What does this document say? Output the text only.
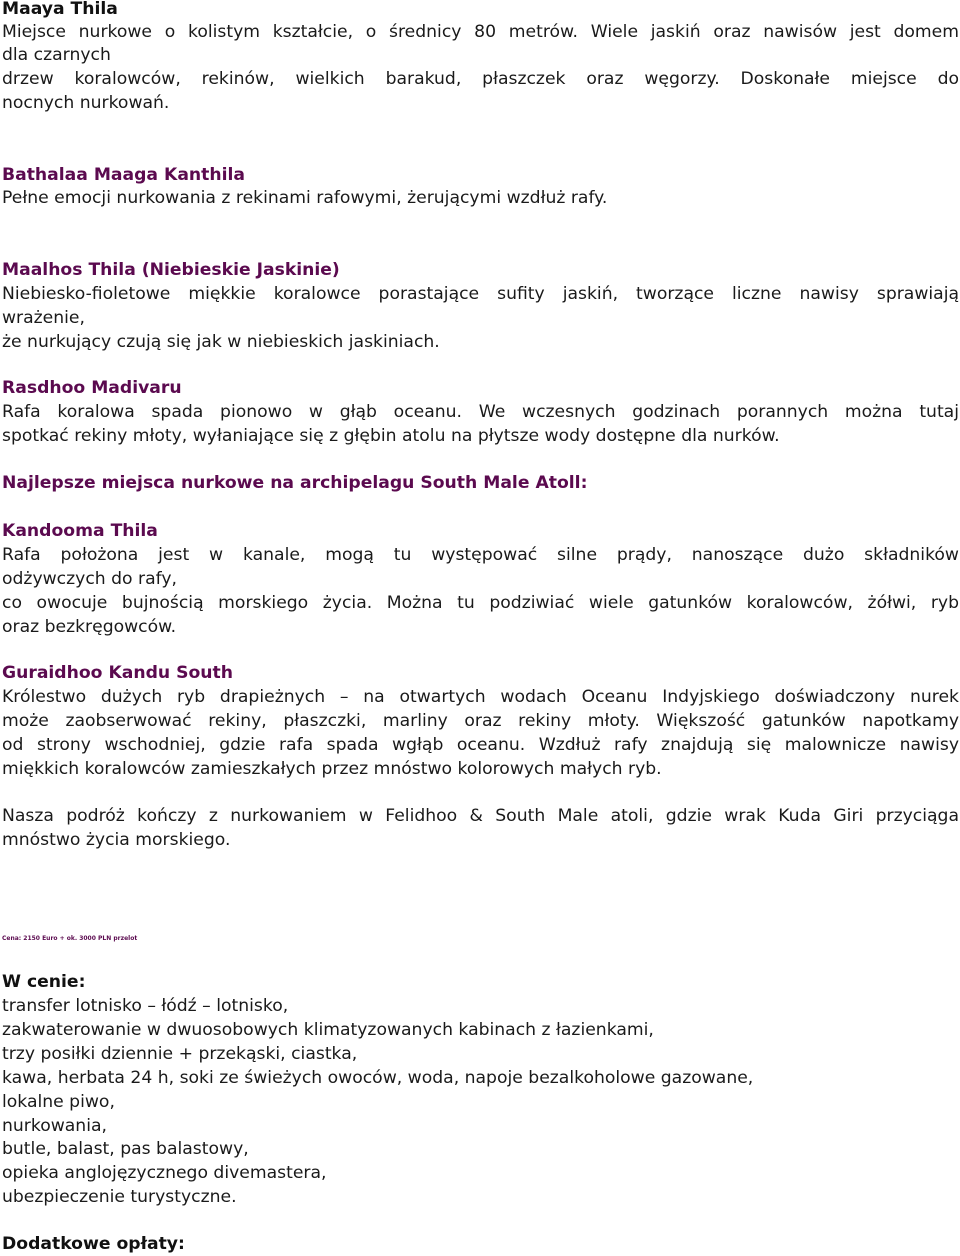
Maaya Thila
Miejsce nurkowe o kolistym kształcie, o średnicy 80 metrów. Wiele jaskiń oraz nawisów jest domem
dla czarnych
drzew koralowców, rekinów, wielkich barakud, płaszczek oraz węgorzy. Doskonałe miejsce do
nocnych nurkowań.
Bathalaa Maaga Kanthila
Pełne emocji nurkowania z rekinami rafowymi, żerującymi wzdłuż rafy.
Maalhos Thila (Niebieskie Jaskinie)
Niebiesko-fioletowe miękkie koralowce porastające sufity jaskiń, tworzące liczne nawisy sprawiają
wrażenie,
że nurkujący czują się jak w niebieskich jaskiniach.
Rasdhoo Madivaru
Rafa koralowa spada pionowo w głąb oceanu. We wczesnych godzinach porannych można tutaj
spotkać rekiny młoty, wyłaniające się z głębin atolu na płytsze wody dostępne dla nurków.
Najlepsze miejsca nurkowe na archipelagu South Male Atoll:
Kandooma Thila
Rafa położona jest w kanale, mogą tu występować silne prądy, nanoszące dużo składników
odżywczych do rafy,
co owocuje bujnością morskiego życia. Można tu podziwiać wiele gatunków koralowców, żółwi, ryb
oraz bezkręgowców.
Guraidhoo Kandu South
Królestwo dużych ryb drapieżnych – na otwartych wodach Oceanu Indyjskiego doświadczony nurek
może zaobserwować rekiny, płaszczki, marliny oraz rekiny młoty. Większość gatunków napotkamy
od strony wschodniej, gdzie rafa spada wgłąb oceanu. Wzdłuż rafy znajdują się malownicze nawisy
miękkich koralowców zamieszkałych przez mnóstwo kolorowych małych ryb.
Nasza podróż kończy z nurkowaniem w Felidhoo & South Male atoli, gdzie wrak Kuda Giri przyciąga
mnóstwo życia morskiego.
Cena: 2150 Euro + ok. 3000 PLN przelot
W cenie:
transfer lotnisko – łódź – lotnisko,
zakwaterowanie w dwuosobowych klimatyzowanych kabinach z łazienkami,
trzy posiłki dziennie + przekąski, ciastka,
kawa, herbata 24 h, soki ze świeżych owoców, woda, napoje bezalkoholowe gazowane,
lokalne piwo,
nurkowania,
butle, balast, pas balastowy,
opieka anglojęzycznego divemastera,
ubezpieczenie turystyczne.
Dodatkowe opłaty:
